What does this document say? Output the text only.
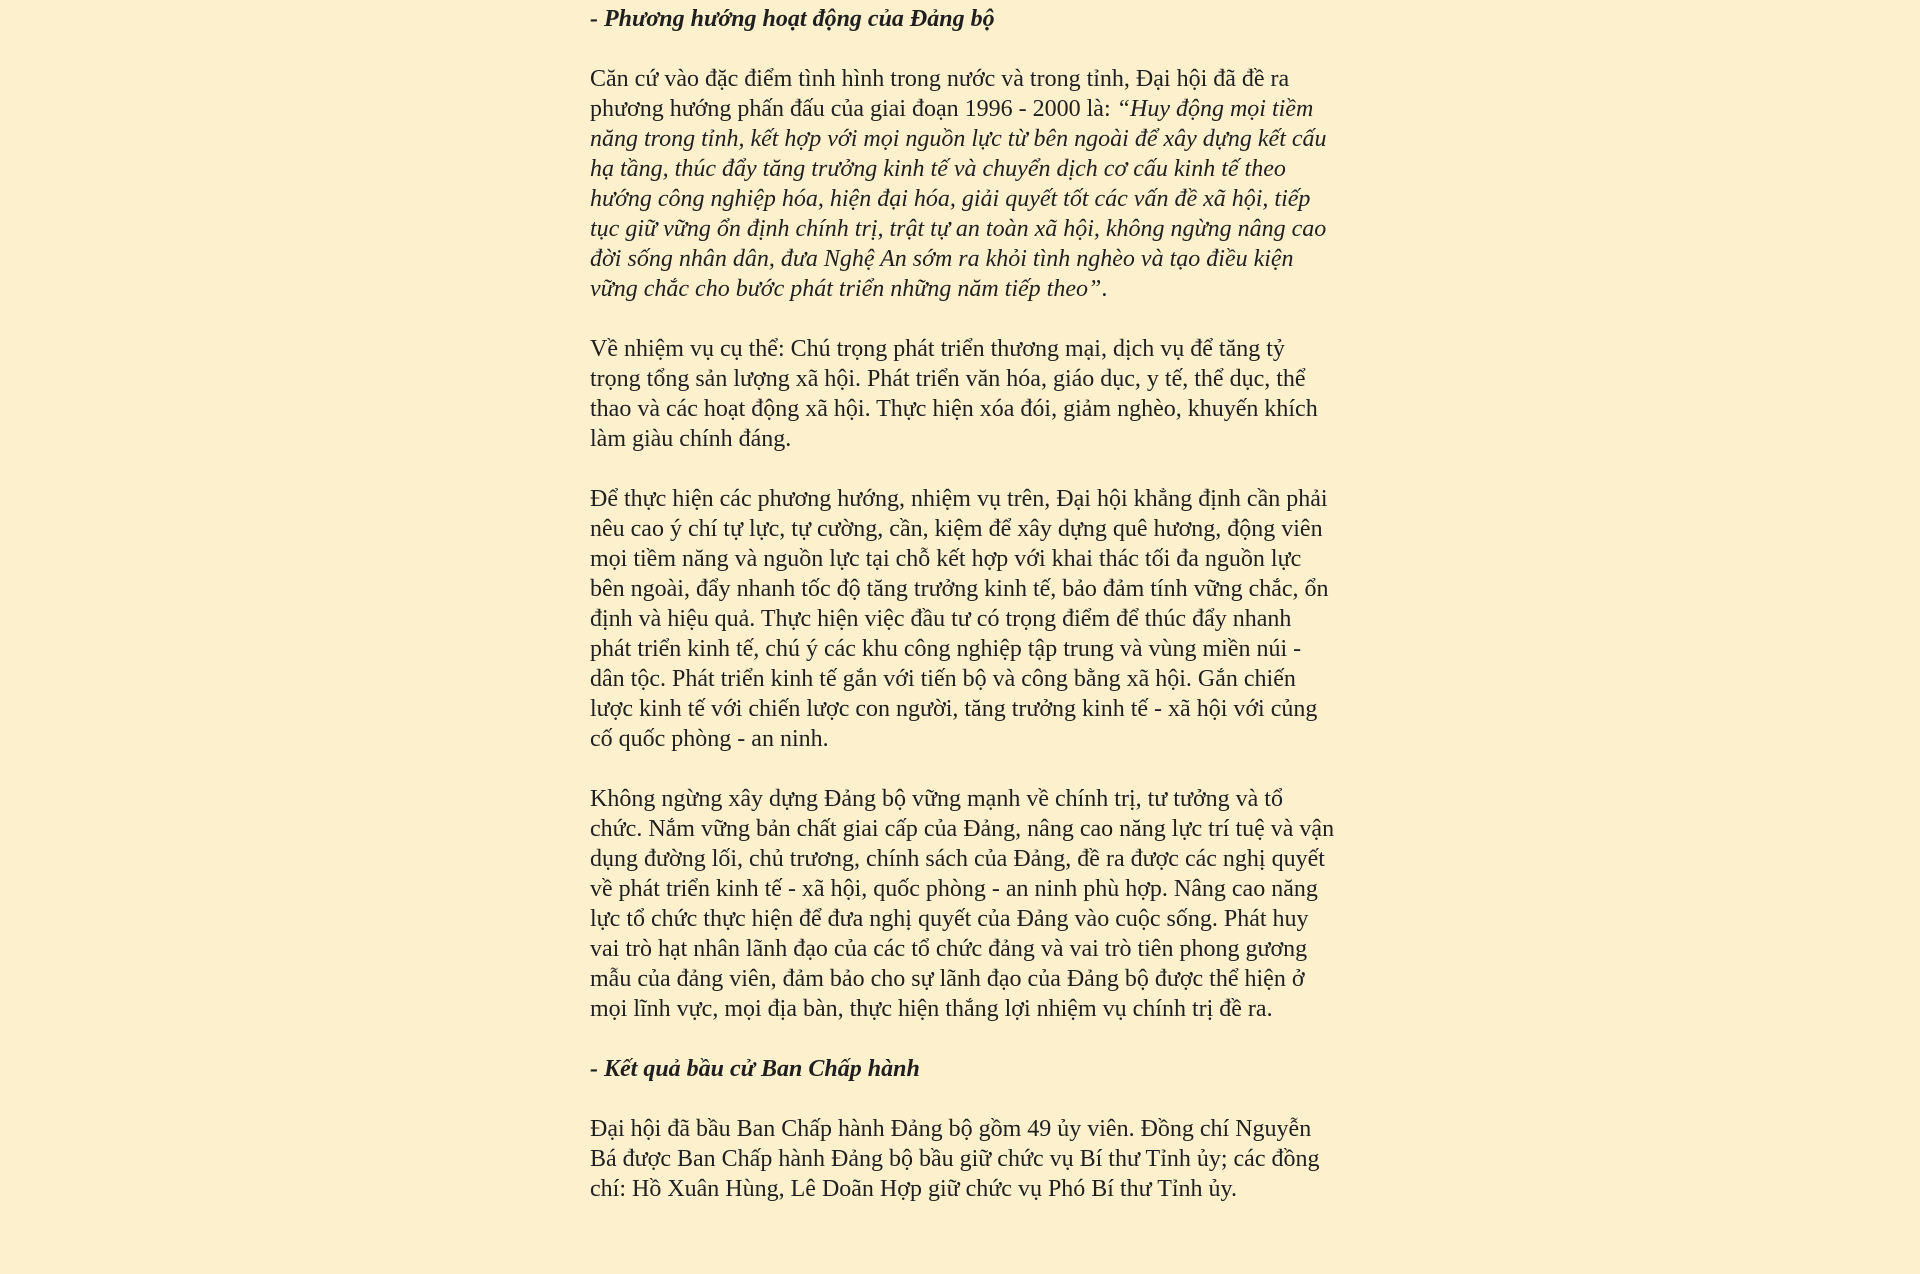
- Phương hướng hoạt động của Đảng bộ

Căn cứ vào đặc điểm tình hình trong nước và trong tỉnh, Đại hội đã đề ra phương hướng phấn đấu của giai đoạn 1996 - 2000 là: “Huy động mọi tiềm năng trong tỉnh, kết hợp với mọi nguồn lực từ bên ngoài để xây dựng kết cấu hạ tầng, thúc đẩy tăng trưởng kinh tế và chuyển dịch cơ cấu kinh tế theo hướng công nghiệp hóa, hiện đại hóa, giải quyết tốt các vấn đề xã hội, tiếp tục giữ vững ổn định chính trị, trật tự an toàn xã hội, không ngừng nâng cao đời sống nhân dân, đưa Nghệ An sớm ra khỏi tình nghèo và tạo điều kiện vững chắc cho bước phát triển những năm tiếp theo”.

Về nhiệm vụ cụ thể: Chú trọng phát triển thương mại, dịch vụ để tăng tỷ trọng tổng sản lượng xã hội. Phát triển văn hóa, giáo dục, y tế, thể dục, thể thao và các hoạt động xã hội. Thực hiện xóa đói, giảm nghèo, khuyến khích làm giàu chính đáng.

Để thực hiện các phương hướng, nhiệm vụ trên, Đại hội khẳng định cần phải nêu cao ý chí tự lực, tự cường, cần, kiệm để xây dựng quê hương, động viên mọi tiềm năng và nguồn lực tại chỗ kết hợp với khai thác tối đa nguồn lực bên ngoài, đẩy nhanh tốc độ tăng trưởng kinh tế, bảo đảm tính vững chắc, ổn định và hiệu quả. Thực hiện việc đầu tư có trọng điểm để thúc đẩy nhanh phát triển kinh tế, chú ý các khu công nghiệp tập trung và vùng miền núi - dân tộc. Phát triển kinh tế gắn với tiến bộ và công bằng xã hội. Gắn chiến lược kinh tế với chiến lược con người, tăng trưởng kinh tế - xã hội với củng cố quốc phòng - an ninh.

Không ngừng xây dựng Đảng bộ vững mạnh về chính trị, tư tưởng và tổ chức. Nắm vững bản chất giai cấp của Đảng, nâng cao năng lực trí tuệ và vận dụng đường lối, chủ trương, chính sách của Đảng, đề ra được các nghị quyết về phát triển kinh tế - xã hội, quốc phòng - an ninh phù hợp. Nâng cao năng lực tổ chức thực hiện để đưa nghị quyết của Đảng vào cuộc sống. Phát huy vai trò hạt nhân lãnh đạo của các tổ chức đảng và vai trò tiên phong gương mẫu của đảng viên, đảm bảo cho sự lãnh đạo của Đảng bộ được thể hiện ở mọi lĩnh vực, mọi địa bàn, thực hiện thắng lợi nhiệm vụ chính trị đề ra.

- Kết quả bầu cử Ban Chấp hành

Đại hội đã bầu Ban Chấp hành Đảng bộ gồm 49 ủy viên. Đồng chí Nguyễn Bá được Ban Chấp hành Đảng bộ bầu giữ chức vụ Bí thư Tỉnh ủy; các đồng chí: Hồ Xuân Hùng, Lê Doãn Hợp giữ chức vụ Phó Bí thư Tỉnh ủy.
